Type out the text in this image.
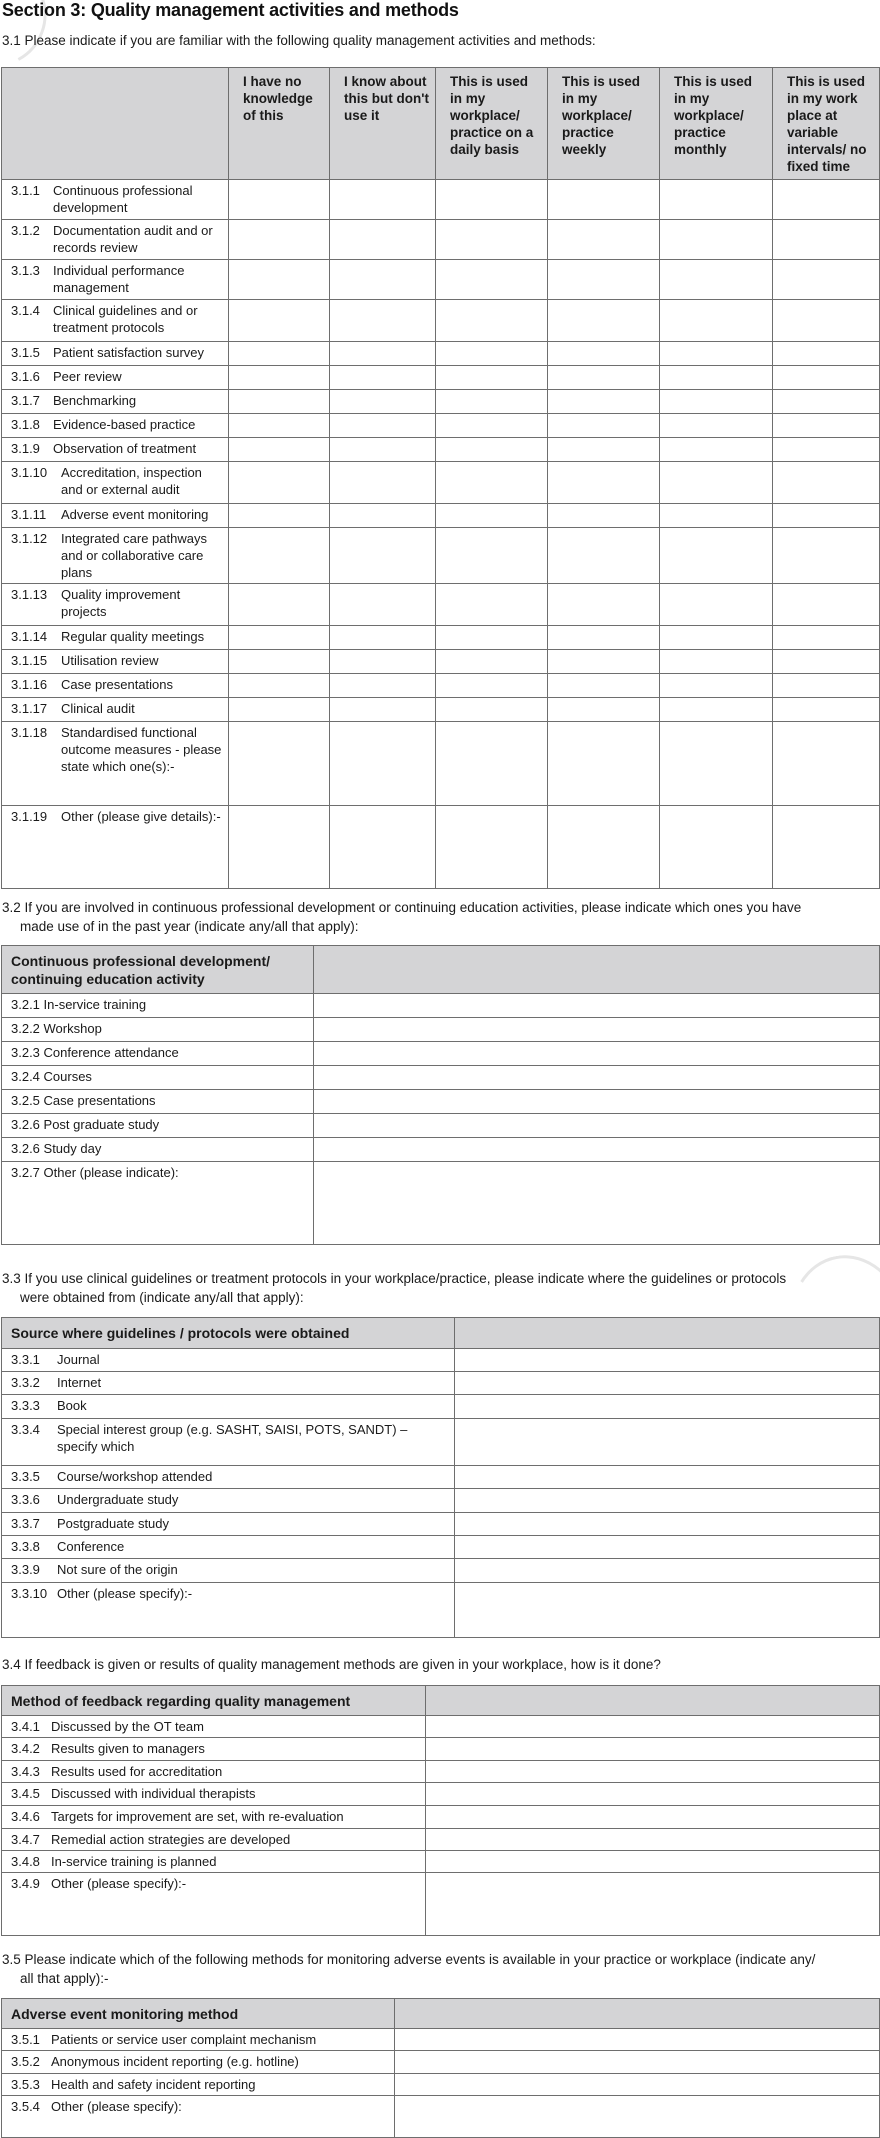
Section 3: Quality management activities and methods
3.1 Please indicate if you are familiar with the following quality management activities and methods:

	I have no knowledge of this	I know about this but don't use it	This is used in my workplace/ practice on a daily basis	This is used in my workplace/ practice weekly	This is used in my workplace/ practice monthly	This is used in my work place at variable intervals/ no fixed time

3.1.1 Continuous professional development						

3.1.2 Documentation audit and or records review						

3.1.3 Individual performance management						

3.1.4 Clinical guidelines and or treatment protocols						

3.1.5 Patient satisfaction survey						

3.1.6 Peer review						

3.1.7 Benchmarking						

3.1.8 Evidence-based practice						

3.1.9 Observation of treatment						

3.1.10 Accreditation, inspection and or external audit						

3.1.11 Adverse event monitoring						

3.1.12 Integrated care pathways and or collaborative care plans						

3.1.13 Quality improvement projects						

3.1.14 Regular quality meetings						

3.1.15 Utilisation review						

3.1.16 Case presentations						

3.1.17 Clinical audit						

3.1.18 Standardised functional outcome measures - please state which one(s):-						

3.1.19 Other (please give details):-						

3.2 If you are involved in continuous professional development or continuing education activities, please indicate which ones you have
made use of in the past year (indicate any/all that apply):
Continuous professional development/ continuing education activity	

3.2.1 In-service training	

3.2.2 Workshop	

3.2.3 Conference attendance	

3.2.4 Courses	

3.2.5 Case presentations	

3.2.6 Post graduate study	

3.2.6 Study day	

3.2.7 Other (please indicate):	

3.3 If you use clinical guidelines or treatment protocols in your workplace/practice, please indicate where the guidelines or protocols
were obtained from (indicate any/all that apply):
Source where guidelines / protocols were obtained	

3.3.1 Journal	

3.3.2 Internet	

3.3.3 Book	

3.3.4 Special interest group (e.g. SASHT, SAISI, POTS, SANDT) – specify which	

3.3.5 Course/workshop attended	

3.3.6 Undergraduate study	

3.3.7 Postgraduate study	

3.3.8 Conference	

3.3.9 Not sure of the origin	

3.3.10 Other (please specify):-	

3.4 If feedback is given or results of quality management methods are given in your workplace, how is it done?
Method of feedback regarding quality management	

3.4.1 Discussed by the OT team	

3.4.2 Results given to managers	

3.4.3 Results used for accreditation	

3.4.5 Discussed with individual therapists	

3.4.6 Targets for improvement are set, with re-evaluation	

3.4.7 Remedial action strategies are developed	

3.4.8 In-service training is planned	

3.4.9 Other (please specify):-	

3.5 Please indicate which of the following methods for monitoring adverse events is available in your practice or workplace (indicate any/
all that apply):-
Adverse event monitoring method	

3.5.1 Patients or service user complaint mechanism	

3.5.2 Anonymous incident reporting (e.g. hotline)	

3.5.3 Health and safety incident reporting	

3.5.4 Other (please specify):	
